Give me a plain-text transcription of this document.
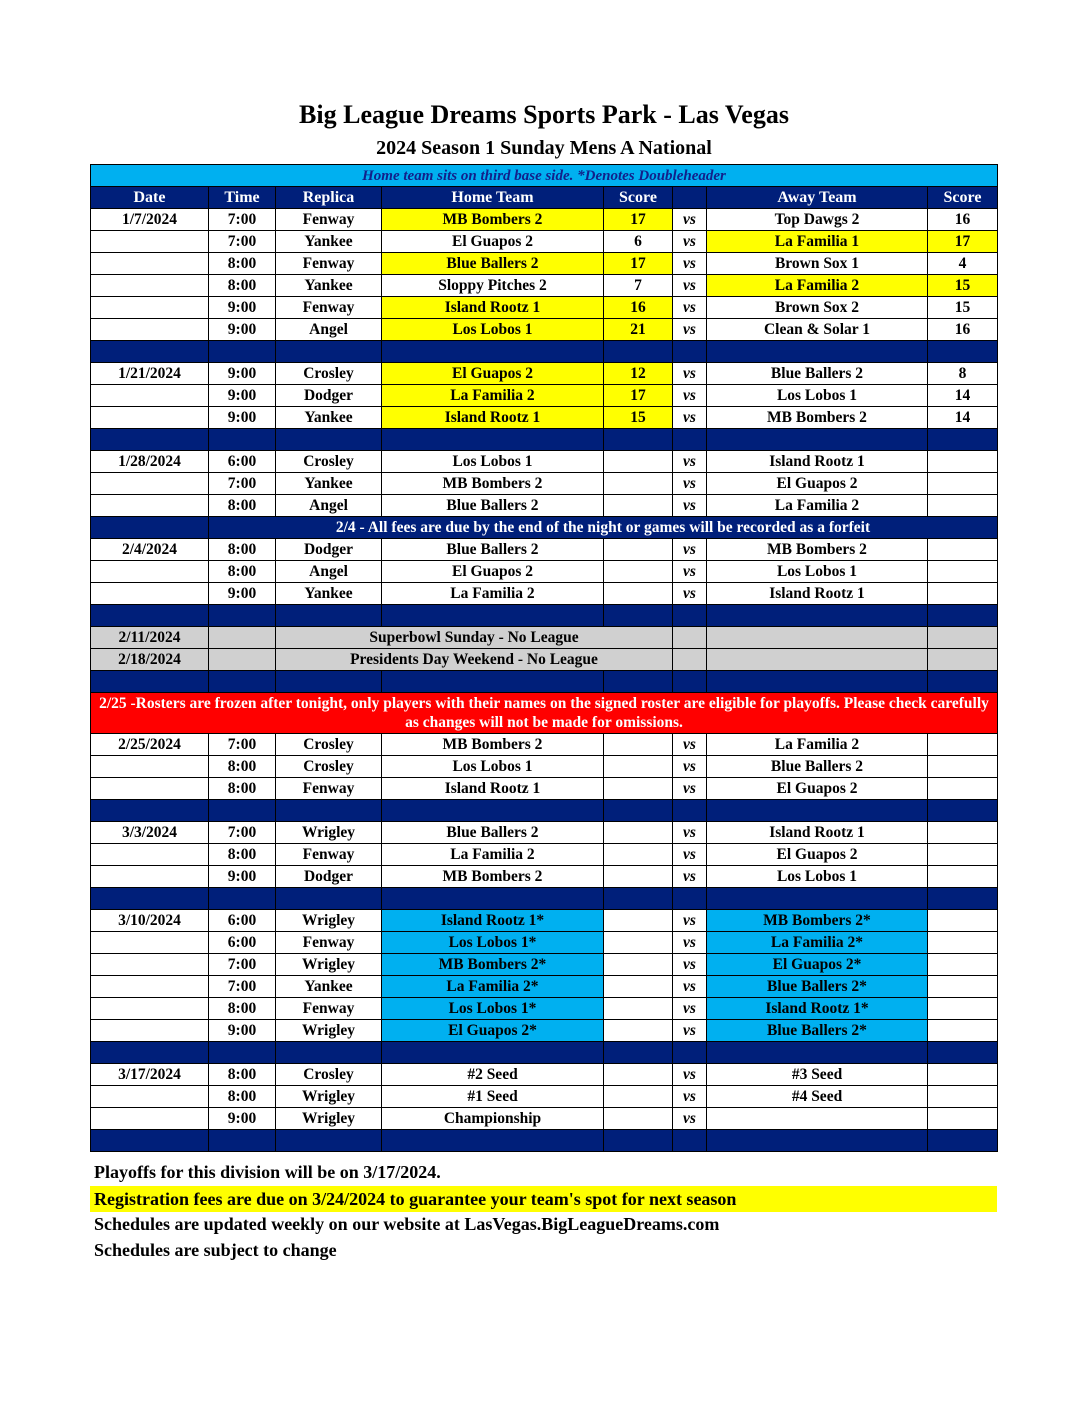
Big League Dreams Sports Park - Las Vegas
2024 Season 1 Sunday Mens A National
Home team sits on third base side. *Denotes Doubleheader							
Date	Time	Replica	Home Team	Score		Away Team	Score
1/7/2024	7:00	Fenway	MB Bombers 2	17	vs	Top Dawgs 2	16
	7:00	Yankee	El Guapos 2	6	vs	La Familia 1	17
	8:00	Fenway	Blue Ballers 2	17	vs	Brown Sox 1	4
	8:00	Yankee	Sloppy Pitches 2	7	vs	La Familia 2	15
	9:00	Fenway	Island Rootz 1	16	vs	Brown Sox 2	15
	9:00	Angel	Los Lobos 1	21	vs	Clean & Solar 1	16

1/21/2024	9:00	Crosley	El Guapos 2	12	vs	Blue Ballers 2	8
	9:00	Dodger	La Familia 2	17	vs	Los Lobos 1	14
	9:00	Yankee	Island Rootz 1	15	vs	MB Bombers 2	14

1/28/2024	6:00	Crosley	Los Lobos 1		vs	Island Rootz 1	
	7:00	Yankee	MB Bombers 2		vs	El Guapos 2	
	8:00	Angel	Blue Ballers 2		vs	La Familia 2	
	2/4 - All fees are due by the end of the night or games will be recorded as a forfeit						
2/4/2024	8:00	Dodger	Blue Ballers 2		vs	MB Bombers 2	
	8:00	Angel	El Guapos 2		vs	Los Lobos 1	
	9:00	Yankee	La Familia 2		vs	Island Rootz 1	

2/11/2024		Superbowl Sunday - No League					
2/18/2024		Presidents Day Weekend - No League					

2/25 -Rosters are frozen after tonight, only players with their names on the signed roster are eligible for playoffs. Please check carefully as changes will not be made for omissions.							
2/25/2024	7:00	Crosley	MB Bombers 2		vs	La Familia 2	
	8:00	Crosley	Los Lobos 1		vs	Blue Ballers 2	
	8:00	Fenway	Island Rootz 1		vs	El Guapos 2	

3/3/2024	7:00	Wrigley	Blue Ballers 2		vs	Island Rootz 1	
	8:00	Fenway	La Familia 2		vs	El Guapos 2	
	9:00	Dodger	MB Bombers 2		vs	Los Lobos 1	

3/10/2024	6:00	Wrigley	Island Rootz 1*		vs	MB Bombers 2*	
	6:00	Fenway	Los Lobos 1*		vs	La Familia 2*	
	7:00	Wrigley	MB Bombers 2*		vs	El Guapos 2*	
	7:00	Yankee	La Familia 2*		vs	Blue Ballers 2*	
	8:00	Fenway	Los Lobos 1*		vs	Island Rootz 1*	
	9:00	Wrigley	El Guapos 2*		vs	Blue Ballers 2*	

3/17/2024	8:00	Crosley	#2 Seed		vs	#3 Seed	
	8:00	Wrigley	#1 Seed		vs	#4 Seed	
	9:00	Wrigley	Championship		vs		

Playoffs for this division will be on 3/17/2024.
Registration fees are due on 3/24/2024 to guarantee your team's spot for next season
Schedules are updated weekly on our website at LasVegas.BigLeagueDreams.com
Schedules are subject to change
